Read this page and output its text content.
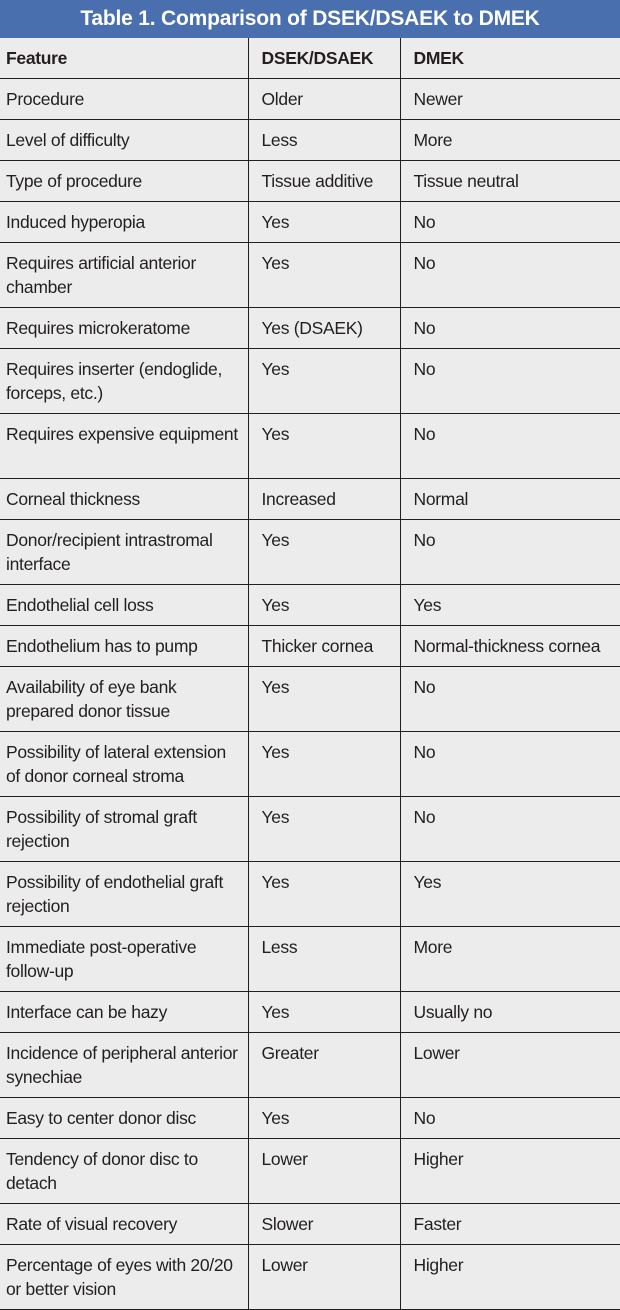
Table 1. Comparison of DSEK/DSAEK to DMEK
Feature	DSEK/DSAEK	DMEK
Procedure	Older	Newer
Level of difficulty	Less	More
Type of procedure	Tissue additive	Tissue neutral
Induced hyperopia	Yes	No
Requires artificial anterior chamber	Yes	No
Requires microkeratome	Yes (DSAEK)	No
Requires inserter (endoglide, forceps, etc.)	Yes	No
Requires expensive equipment	Yes	No
Corneal thickness	Increased	Normal
Donor/recipient intrastromal interface	Yes	No
Endothelial cell loss	Yes	Yes
Endothelium has to pump	Thicker cornea	Normal-thickness cornea
Availability of eye bank prepared donor tissue	Yes	No
Possibility of lateral extension of donor corneal stroma	Yes	No
Possibility of stromal graft rejection	Yes	No
Possibility of endothelial graft rejection	Yes	Yes
Immediate post-operative follow-up	Less	More
Interface can be hazy	Yes	Usually no
Incidence of peripheral anterior synechiae	Greater	Lower
Easy to center donor disc	Yes	No
Tendency of donor disc to detach	Lower	Higher
Rate of visual recovery	Slower	Faster
Percentage of eyes with 20/20 or better vision	Lower	Higher
